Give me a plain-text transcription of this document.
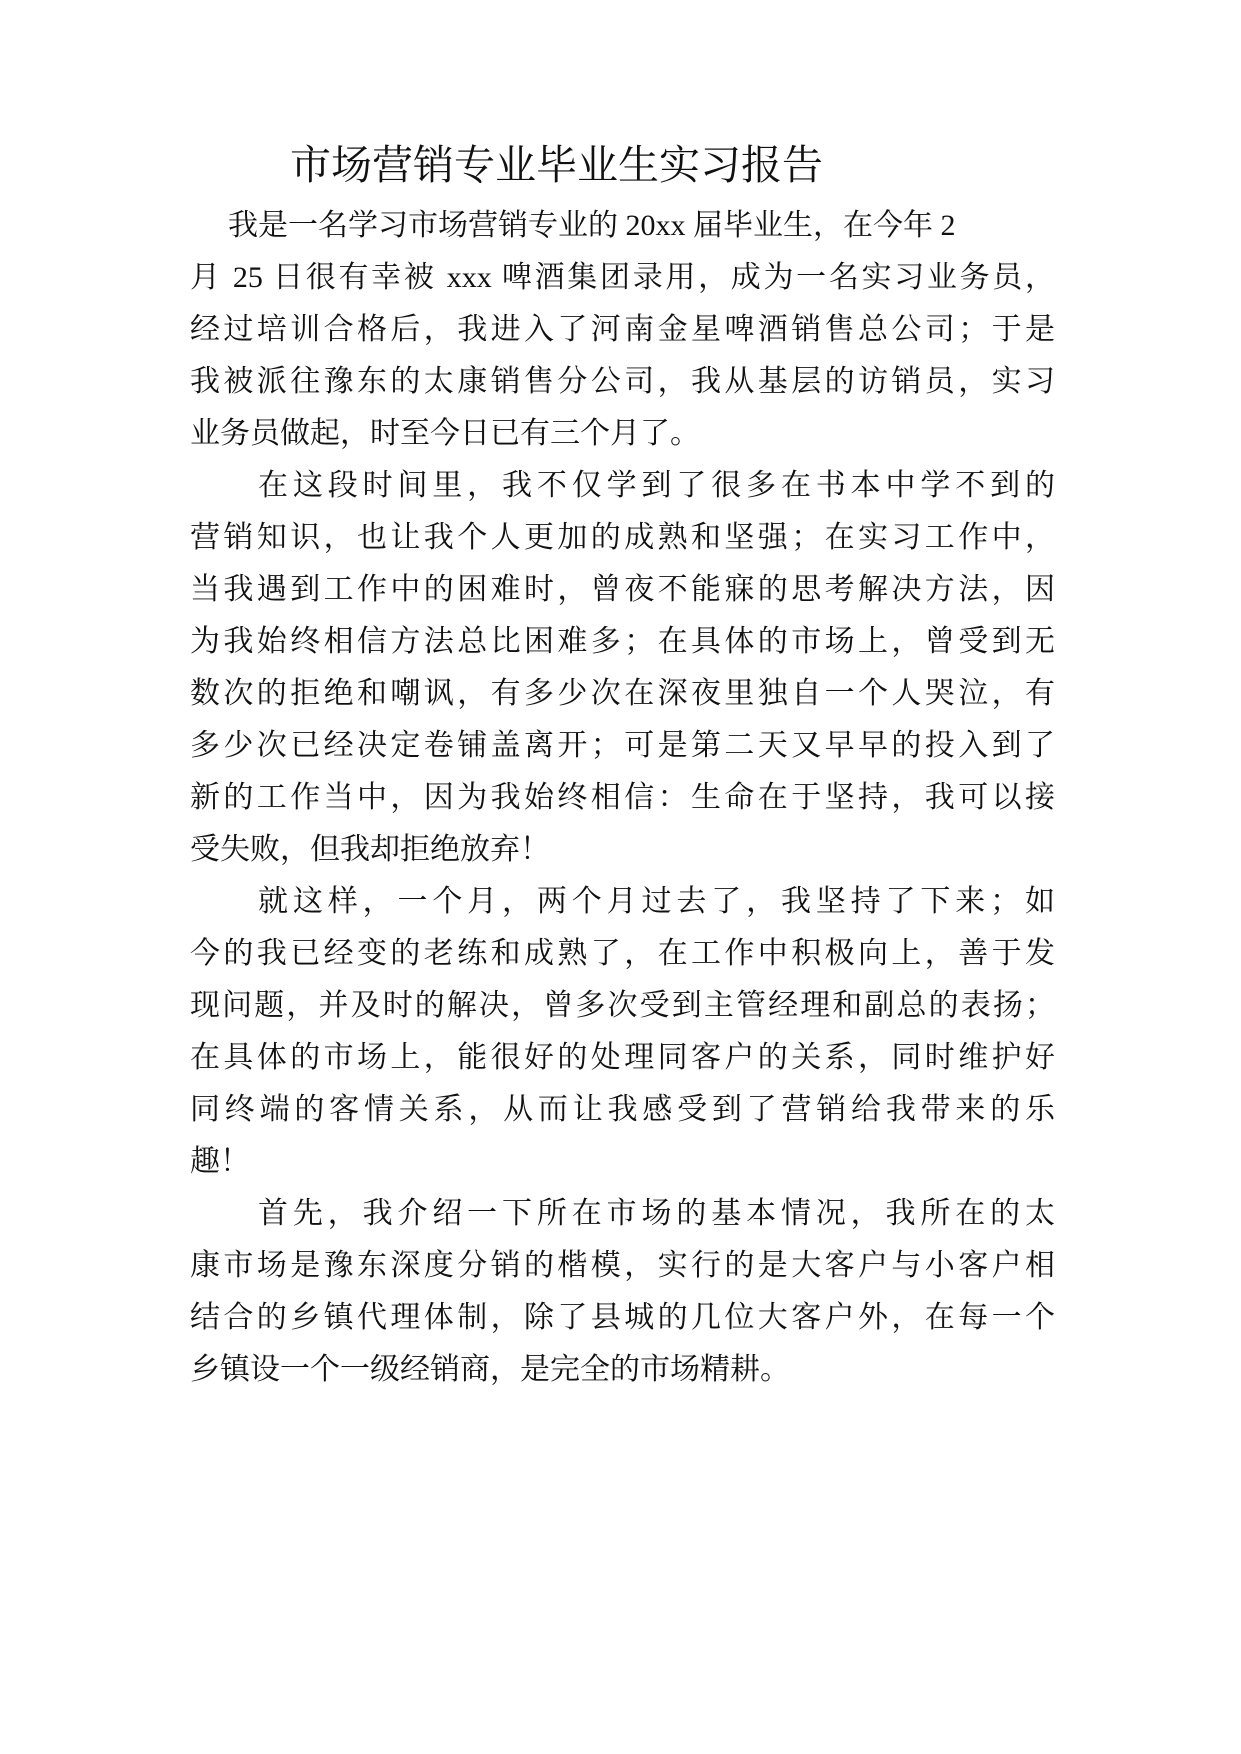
市场营销专业毕业生实习报告
我是一名学习市场营销专业的 20xx 届毕业生，在今年 2
月 25 日很有幸被 xxx 啤酒集团录用，成为一名实习业务员，
经过培训合格后，我进入了河南金星啤酒销售总公司；于是
我被派往豫东的太康销售分公司，我从基层的访销员，实习
业务员做起，时至今日已有三个月了。
在这段时间里，我不仅学到了很多在书本中学不到的
营销知识，也让我个人更加的成熟和坚强；在实习工作中，
当我遇到工作中的困难时，曾夜不能寐的思考解决方法，因
为我始终相信方法总比困难多；在具体的市场上，曾受到无
数次的拒绝和嘲讽，有多少次在深夜里独自一个人哭泣，有
多少次已经决定卷铺盖离开；可是第二天又早早的投入到了
新的工作当中，因为我始终相信：生命在于坚持，我可以接
受失败，但我却拒绝放弃！
就这样，一个月，两个月过去了，我坚持了下来；如
今的我已经变的老练和成熟了，在工作中积极向上，善于发
现问题，并及时的解决，曾多次受到主管经理和副总的表扬；
在具体的市场上，能很好的处理同客户的关系，同时维护好
同终端的客情关系，从而让我感受到了营销给我带来的乐
趣！
首先，我介绍一下所在市场的基本情况，我所在的太
康市场是豫东深度分销的楷模，实行的是大客户与小客户相
结合的乡镇代理体制，除了县城的几位大客户外，在每一个
乡镇设一个一级经销商，是完全的市场精耕。
